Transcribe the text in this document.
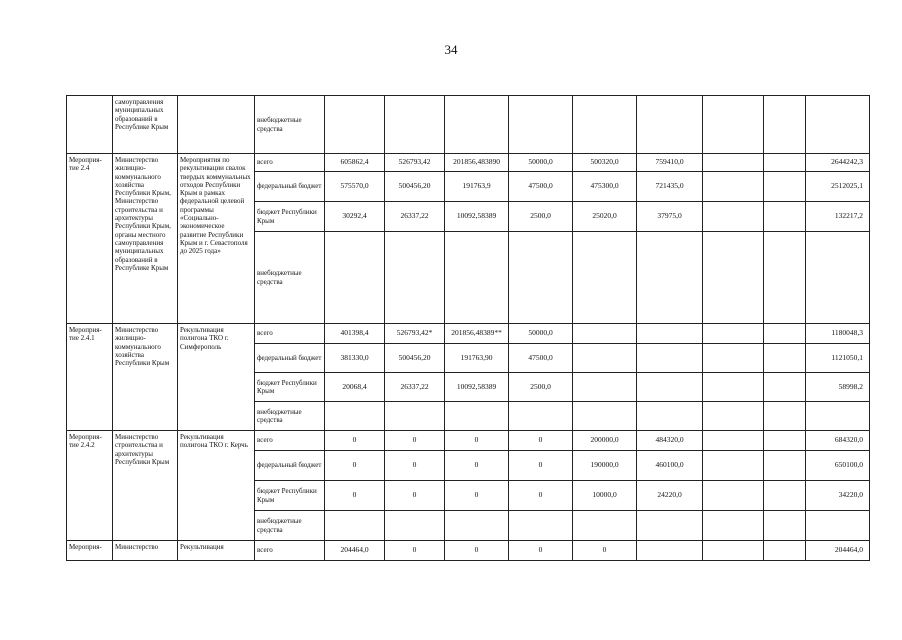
34
	самоуправления муниципальных образований в Республике Крым		внебюджетные средства									
Мероприя-тие 2.4	Министерство жилищно-коммунального хозяйства Республики Крым, Министерство строительства и архитектуры Республики Крым, органы местного самоуправления муниципальных образований в Республике Крым	Мероприятия по рекультивации свалок твердых коммунальных отходов Республики Крым в рамках федеральной целевой программы «Социально-экономическое развитие Республики Крым и г. Севастополя до 2025 года»	всего	605862,4	526793,42	201856,483890	50000,0	500320,0	759410,0			2644242,3
			федеральный бюджет	575570,0	500456,20	191763,9	47500,0	475300,0	721435,0			2512025,1
			бюджет Республики Крым	30292,4	26337,22	10092,58389	2500,0	25020,0	37975,0			132217,2
			внебюджетные средства									
Мероприя-тие 2.4.1	Министерство жилищно-коммунального хозяйства Республики Крым	Рекультивация полигона ТКО г. Симферополь	всего	401398,4	526793,42*	201856,48389**	50000,0					1180048,3
			федеральный бюджет	381330,0	500456,20	191763,90	47500,0					1121050,1
			бюджет Республики Крым	20068,4	26337,22	10092,58389	2500,0					58998,2
			внебюджетные средства									
Мероприя-тие 2.4.2	Министерство строительства и архитектуры Республики Крым	Рекультивация полигона ТКО г. Керчь	всего	0	0	0	0	200000,0	484320,0			684320,0
			федеральный бюджет	0	0	0	0	190000,0	460100,0			650100,0
			бюджет Республики Крым	0	0	0	0	10000,0	24220,0			34220,0
			внебюджетные средства									
Мероприя-	Министерство	Рекультивация	всего	204464,0	0	0	0	0				204464,0
